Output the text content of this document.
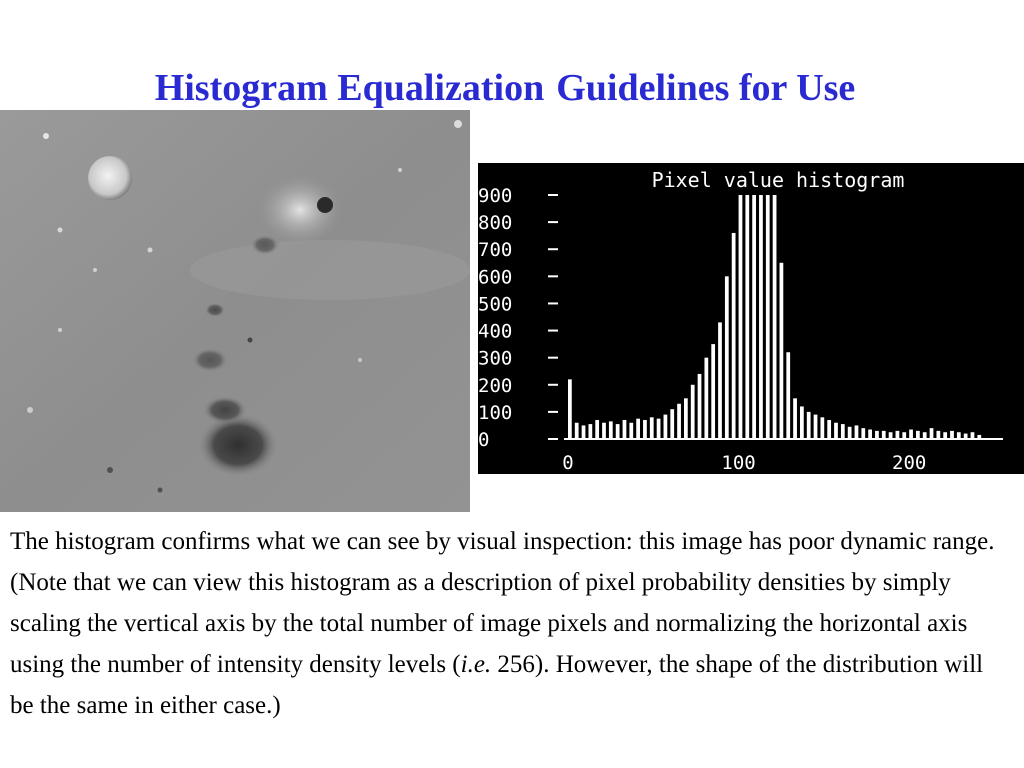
Histogram Equalization Guidelines for Use
Pixel value histogram
0
100
200
300
400
500
600
700
800
900
0	100	200
The histogram confirms what we can see by visual inspection: this image has poor dynamic range. (Note that we can view this histogram as a description of pixel probability densities by simply scaling the vertical axis by the total number of image pixels and normalizing the horizontal axis using the number of intensity density levels (i.e. 256). However, the shape of the distribution will be the same in either case.)
